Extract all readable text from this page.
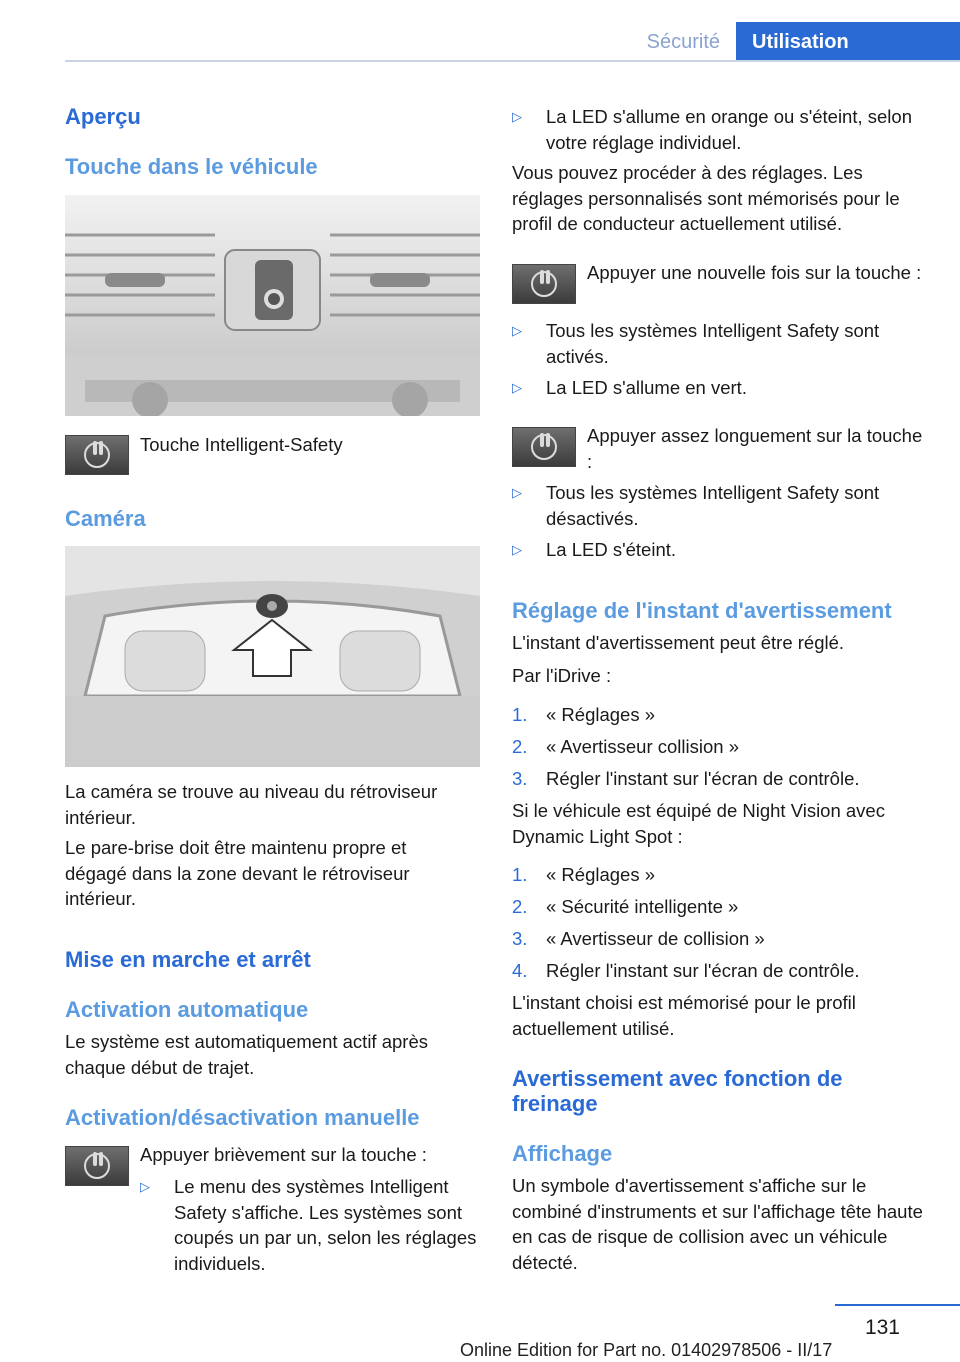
Sécurité	Utilisation
Aperçu
Touche dans le véhicule
Touche Intelligent-Safety
Caméra
La caméra se trouve au niveau du rétroviseur intérieur.
Le pare-brise doit être maintenu propre et dégagé dans la zone devant le rétroviseur intérieur.
Mise en marche et arrêt
Activation automatique
Le système est automatiquement actif après chaque début de trajet.
Activation/désactivation manuelle
Appuyer brièvement sur la touche :
▷ Le menu des systèmes Intelligent Safety s'affiche. Les systèmes sont coupés un par un, selon les réglages individuels.
▷ La LED s'allume en orange ou s'éteint, selon votre réglage individuel.
Vous pouvez procéder à des réglages. Les réglages personnalisés sont mémorisés pour le profil de conducteur actuellement utilisé.
Appuyer une nouvelle fois sur la touche :
▷ Tous les systèmes Intelligent Safety sont activés.
▷ La LED s'allume en vert.
Appuyer assez longuement sur la touche :
▷ Tous les systèmes Intelligent Safety sont désactivés.
▷ La LED s'éteint.
Réglage de l'instant d'avertissement
L'instant d'avertissement peut être réglé.
Par l'iDrive :
1. « Réglages »
2. « Avertisseur collision »
3. Régler l'instant sur l'écran de contrôle.
Si le véhicule est équipé de Night Vision avec Dynamic Light Spot :
1. « Réglages »
2. « Sécurité intelligente »
3. « Avertisseur de collision »
4. Régler l'instant sur l'écran de contrôle.
L'instant choisi est mémorisé pour le profil actuellement utilisé.
Avertissement avec fonction de freinage
Affichage
Un symbole d'avertissement s'affiche sur le combiné d'instruments et sur l'affichage tête haute en cas de risque de collision avec un véhicule détecté.
131
Online Edition for Part no. 01402978506 - II/17
